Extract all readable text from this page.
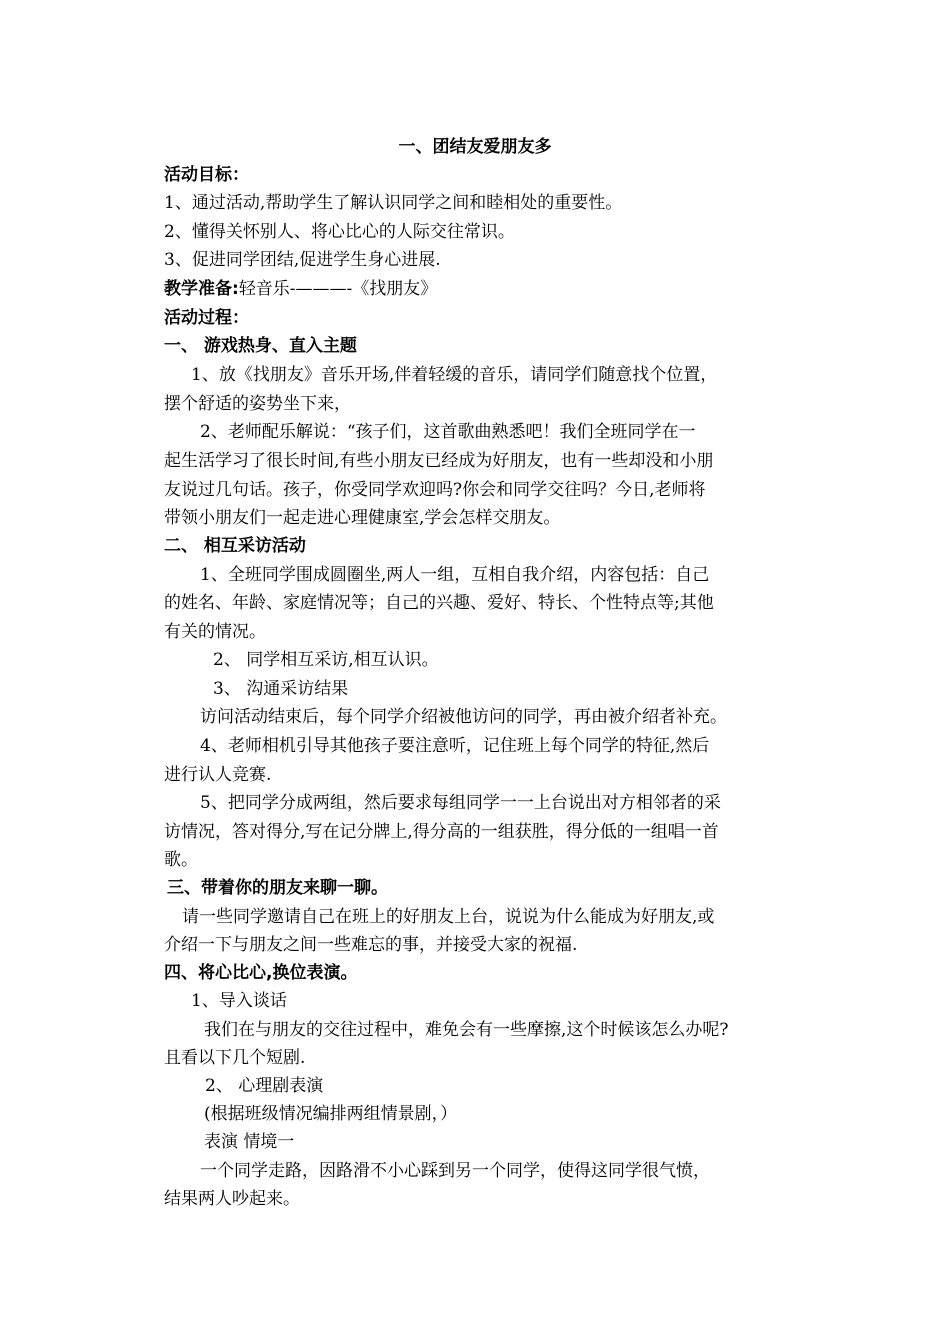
一、团结友爱朋友多
活动目标：
1、通过活动,帮助学生了解认识同学之间和睦相处的重要性。
2、懂得关怀别人、将心比心的人际交往常识。
3、促进同学团结,促进学生身心进展.
教学准备:轻音乐-———-《找朋友》
活动过程：
一、 游戏热身、直入主题
1、放《找朋友》音乐开场,伴着轻缓的音乐，请同学们随意找个位置，
摆个舒适的姿势坐下来，
2、老师配乐解说：“孩子们，这首歌曲熟悉吧！我们全班同学在一
起生活学习了很长时间,有些小朋友已经成为好朋友，也有一些却没和小朋
友说过几句话。孩子，你受同学欢迎吗?你会和同学交往吗？今日,老师将
带领小朋友们一起走进心理健康室,学会怎样交朋友。
二、 相互采访活动
1、全班同学围成圆圈坐,两人一组，互相自我介绍，内容包括：自己
的姓名、年龄、家庭情况等；自己的兴趣、爱好、特长、个性特点等;其他
有关的情况。
2、 同学相互采访,相互认识。
3、 沟通采访结果
访问活动结束后，每个同学介绍被他访问的同学，再由被介绍者补充。
4、老师相机引导其他孩子要注意听，记住班上每个同学的特征,然后
进行认人竞赛.
5、把同学分成两组，然后要求每组同学一一上台说出对方相邻者的采
访情况，答对得分,写在记分牌上,得分高的一组获胜，得分低的一组唱一首
歌。
三、带着你的朋友来聊一聊。
请一些同学邀请自己在班上的好朋友上台，说说为什么能成为好朋友,或
介绍一下与朋友之间一些难忘的事，并接受大家的祝福.
四、将心比心,换位表演。
1、导入谈话
我们在与朋友的交往过程中，难免会有一些摩擦,这个时候该怎么办呢?
且看以下几个短剧.
2、 心理剧表演
(根据班级情况编排两组情景剧，）
表演 情境一
一个同学走路，因路滑不小心踩到另一个同学，使得这同学很气愤，
结果两人吵起来。
